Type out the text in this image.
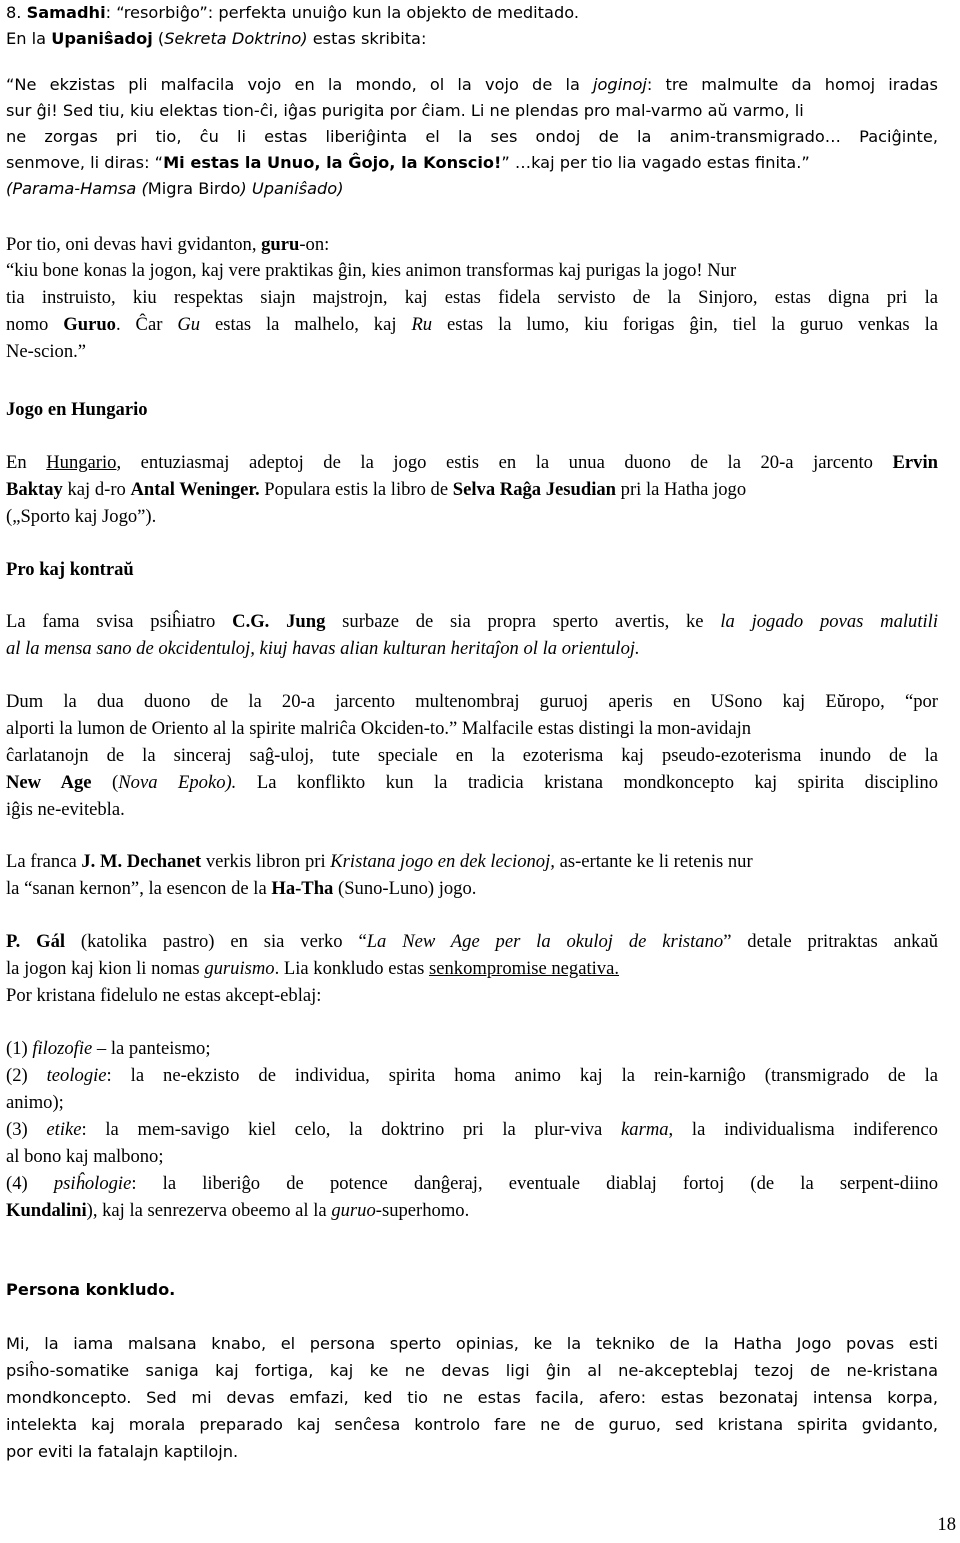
8. Samadhi: “resorbiĝo”: perfekta unuiĝo kun la objekto de meditado.
En la Upaniŝadoj (Sekreta Doktrino) estas skribita:
“Ne ekzistas pli malfacila vojo en la mondo, ol la vojo de la joginoj: tre malmulte da homoj iradas
sur ĝi! Sed tiu, kiu elektas tion-ĉi, iĝas purigita por ĉiam. Li ne plendas pro mal-varmo aŭ varmo, li
ne zorgas pri tio, ĉu li estas liberiĝinta el la ses ondoj de la anim-transmigrado… Paciĝinte,
senmove, li diras: “Mi estas la Unuo, la Ĝojo, la Konscio!” …kaj per tio lia vagado estas finita.”
(Parama-Hamsa (Migra Birdo) Upaniŝado)
Por tio, oni devas havi gvidanton, guru-on:
“kiu bone konas la jogon, kaj vere praktikas ĝin, kies animon transformas kaj purigas la jogo! Nur
tia instruisto, kiu respektas siajn majstrojn, kaj estas fidela servisto de la Sinjoro, estas digna pri la
nomo Guruo. Ĉar Gu estas la malhelo, kaj Ru estas la lumo, kiu forigas ĝin, tiel la guruo venkas la
Ne-scion.”
Jogo en Hungario
En Hungario, entuziasmaj adeptoj de la jogo estis en la unua duono de la 20-a jarcento Ervin
Baktay kaj d-ro Antal Weninger. Populara estis la libro de Selva Raĝa Jesudian pri la Hatha jogo
(„Sporto kaj Jogo”).
Pro kaj kontraŭ
La fama svisa psiĥiatro C.G. Jung surbaze de sia propra sperto avertis, ke la jogado povas malutili
al la mensa sano de okcidentuloj, kiuj havas alian kulturan heritaĵon ol la orientuloj.
Dum la dua duono de la 20-a jarcento multenombraj guruoj aperis en USono kaj Eŭropo, “por
alporti la lumon de Oriento al la spirite malriĉa Okciden-to.” Malfacile estas distingi la mon-avidajn
ĉarlatanojn de la sinceraj saĝ-uloj, tute speciale en la ezoterisma kaj pseudo-ezoterisma inundo de la
New Age (Nova Epoko). La konflikto kun la tradicia kristana mondkoncepto kaj spirita disciplino
iĝis ne-evitebla.
La franca J. M. Dechanet verkis libron pri Kristana jogo en dek lecionoj, as-ertante ke li retenis nur
la “sanan kernon”, la esencon de la Ha-Tha (Suno-Luno) jogo.
P. Gál (katolika pastro) en sia verko “La New Age per la okuloj de kristano” detale pritraktas ankaŭ
la jogon kaj kion li nomas guruismo. Lia konkludo estas senkompromise negativa.
Por kristana fidelulo ne estas akcept-eblaj:
(1) filozofie – la panteismo;
(2) teologie: la ne-ekzisto de individua, spirita homa animo kaj la rein-karniĝo (transmigrado de la
animo);
(3) etike: la mem-savigo kiel celo, la doktrino pri la plur-viva karma, la individualisma indiferenco
al bono kaj malbono;
(4) psiĥologie: la liberiĝo de potence danĝeraj, eventuale diablaj fortoj (de la serpent-diino
Kundalini), kaj la senrezerva obeemo al la guruo-superhomo.
Persona konkludo.
Mi, la iama malsana knabo, el persona sperto opinias, ke la tekniko de la Hatha Jogo povas esti
psiĥo-somatike saniga kaj fortiga, kaj ke ne devas ligi ĝin al ne-akcepteblaj tezoj de ne-kristana
mondkoncepto. Sed mi devas emfazi, ked tio ne estas facila, afero: estas bezonataj intensa korpa,
intelekta kaj morala preparado kaj senĉesa kontrolo fare ne de guruo, sed kristana spirita gvidanto,
por eviti la fatalajn kaptilojn.
18
